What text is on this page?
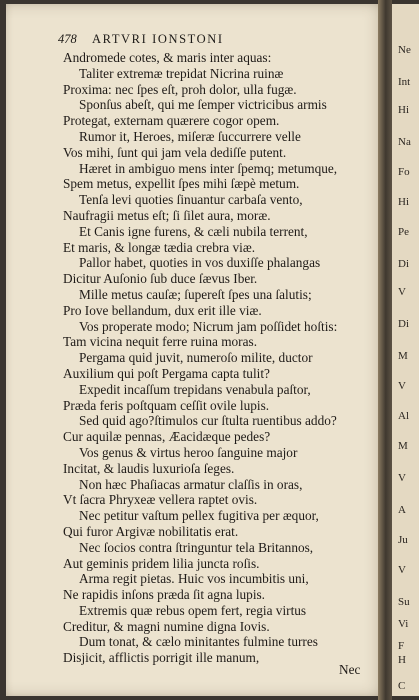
478 ARTVRI IONSTONI
Andromede cotes, & maris inter aquas:
Taliter extremæ trepidat Nicrina ruinæ
Proxima: nec ſpes eſt, proh dolor, ulla fugæ.
Sponſus abeſt, qui me ſemper victricibus armis
Protegat, externam quærere cogor opem.
Rumor it, Heroes, miſeræ ſuccurrere velle
Vos mihi, ſunt qui jam vela dediſſe putent.
Hæret in ambiguo mens inter ſpemq; metumque,
Spem metus, expellit ſpes mihi ſæpè metum.
Tenſa levi quoties ſinuantur carbaſa vento,
Naufragii metus eſt; ſi ſilet aura, moræ.
Et Canis igne furens, & cæli nubila terrent,
Et maris, & longæ tædia crebra viæ.
Pallor habet, quoties in vos duxiſſe phalangas
Dicitur Auſonio ſub duce ſævus Iber.
Mille metus cauſæ; ſupereſt ſpes una ſalutis;
Pro Iove bellandum, dux erit ille viæ.
Vos properate modo; Nicrum jam poſſidet hoſtis:
Tam vicina nequit ferre ruina moras.
Pergama quid juvit, numeroſo milite, ductor
Auxilium qui poſt Pergama capta tulit?
Expedit incaſſum trepidans venabula paſtor,
Præda feris poſtquam ceſſit ovile lupis.
Sed quid ago?ſtimulos cur ſtulta ruentibus addo?
Cur aquilæ pennas, Æacidæque pedes?
Vos genus & virtus heroo ſanguine major
Incitat, & laudis luxurioſa ſeges.
Non hæc Phaſiacas armatur claſſis in oras,
Vt ſacra Phryxeæ vellera raptet ovis.
Nec petitur vaſtum pellex fugitiva per æquor,
Qui furor Argivæ nobilitatis erat.
Nec ſocios contra ſtringuntur tela Britannos,
Aut geminis pridem lilia juncta roſis.
Arma regit pietas. Huic vos incumbitis uni,
Ne rapidis inſons præda ſit agna lupis.
Extremis quæ rebus opem fert, regia virtus
Creditur, & magni numine digna Iovis.
Dum tonat, & cælo minitantes fulmine turres
Disjicit, afflictis porrigit ille manum,
Nec
Ne
Int
Hi
Na
Fo
Hi
Pe
Di
V
Di
M
V
Al
M
V
A
Ju
V
Su
Vi
F
H
C
